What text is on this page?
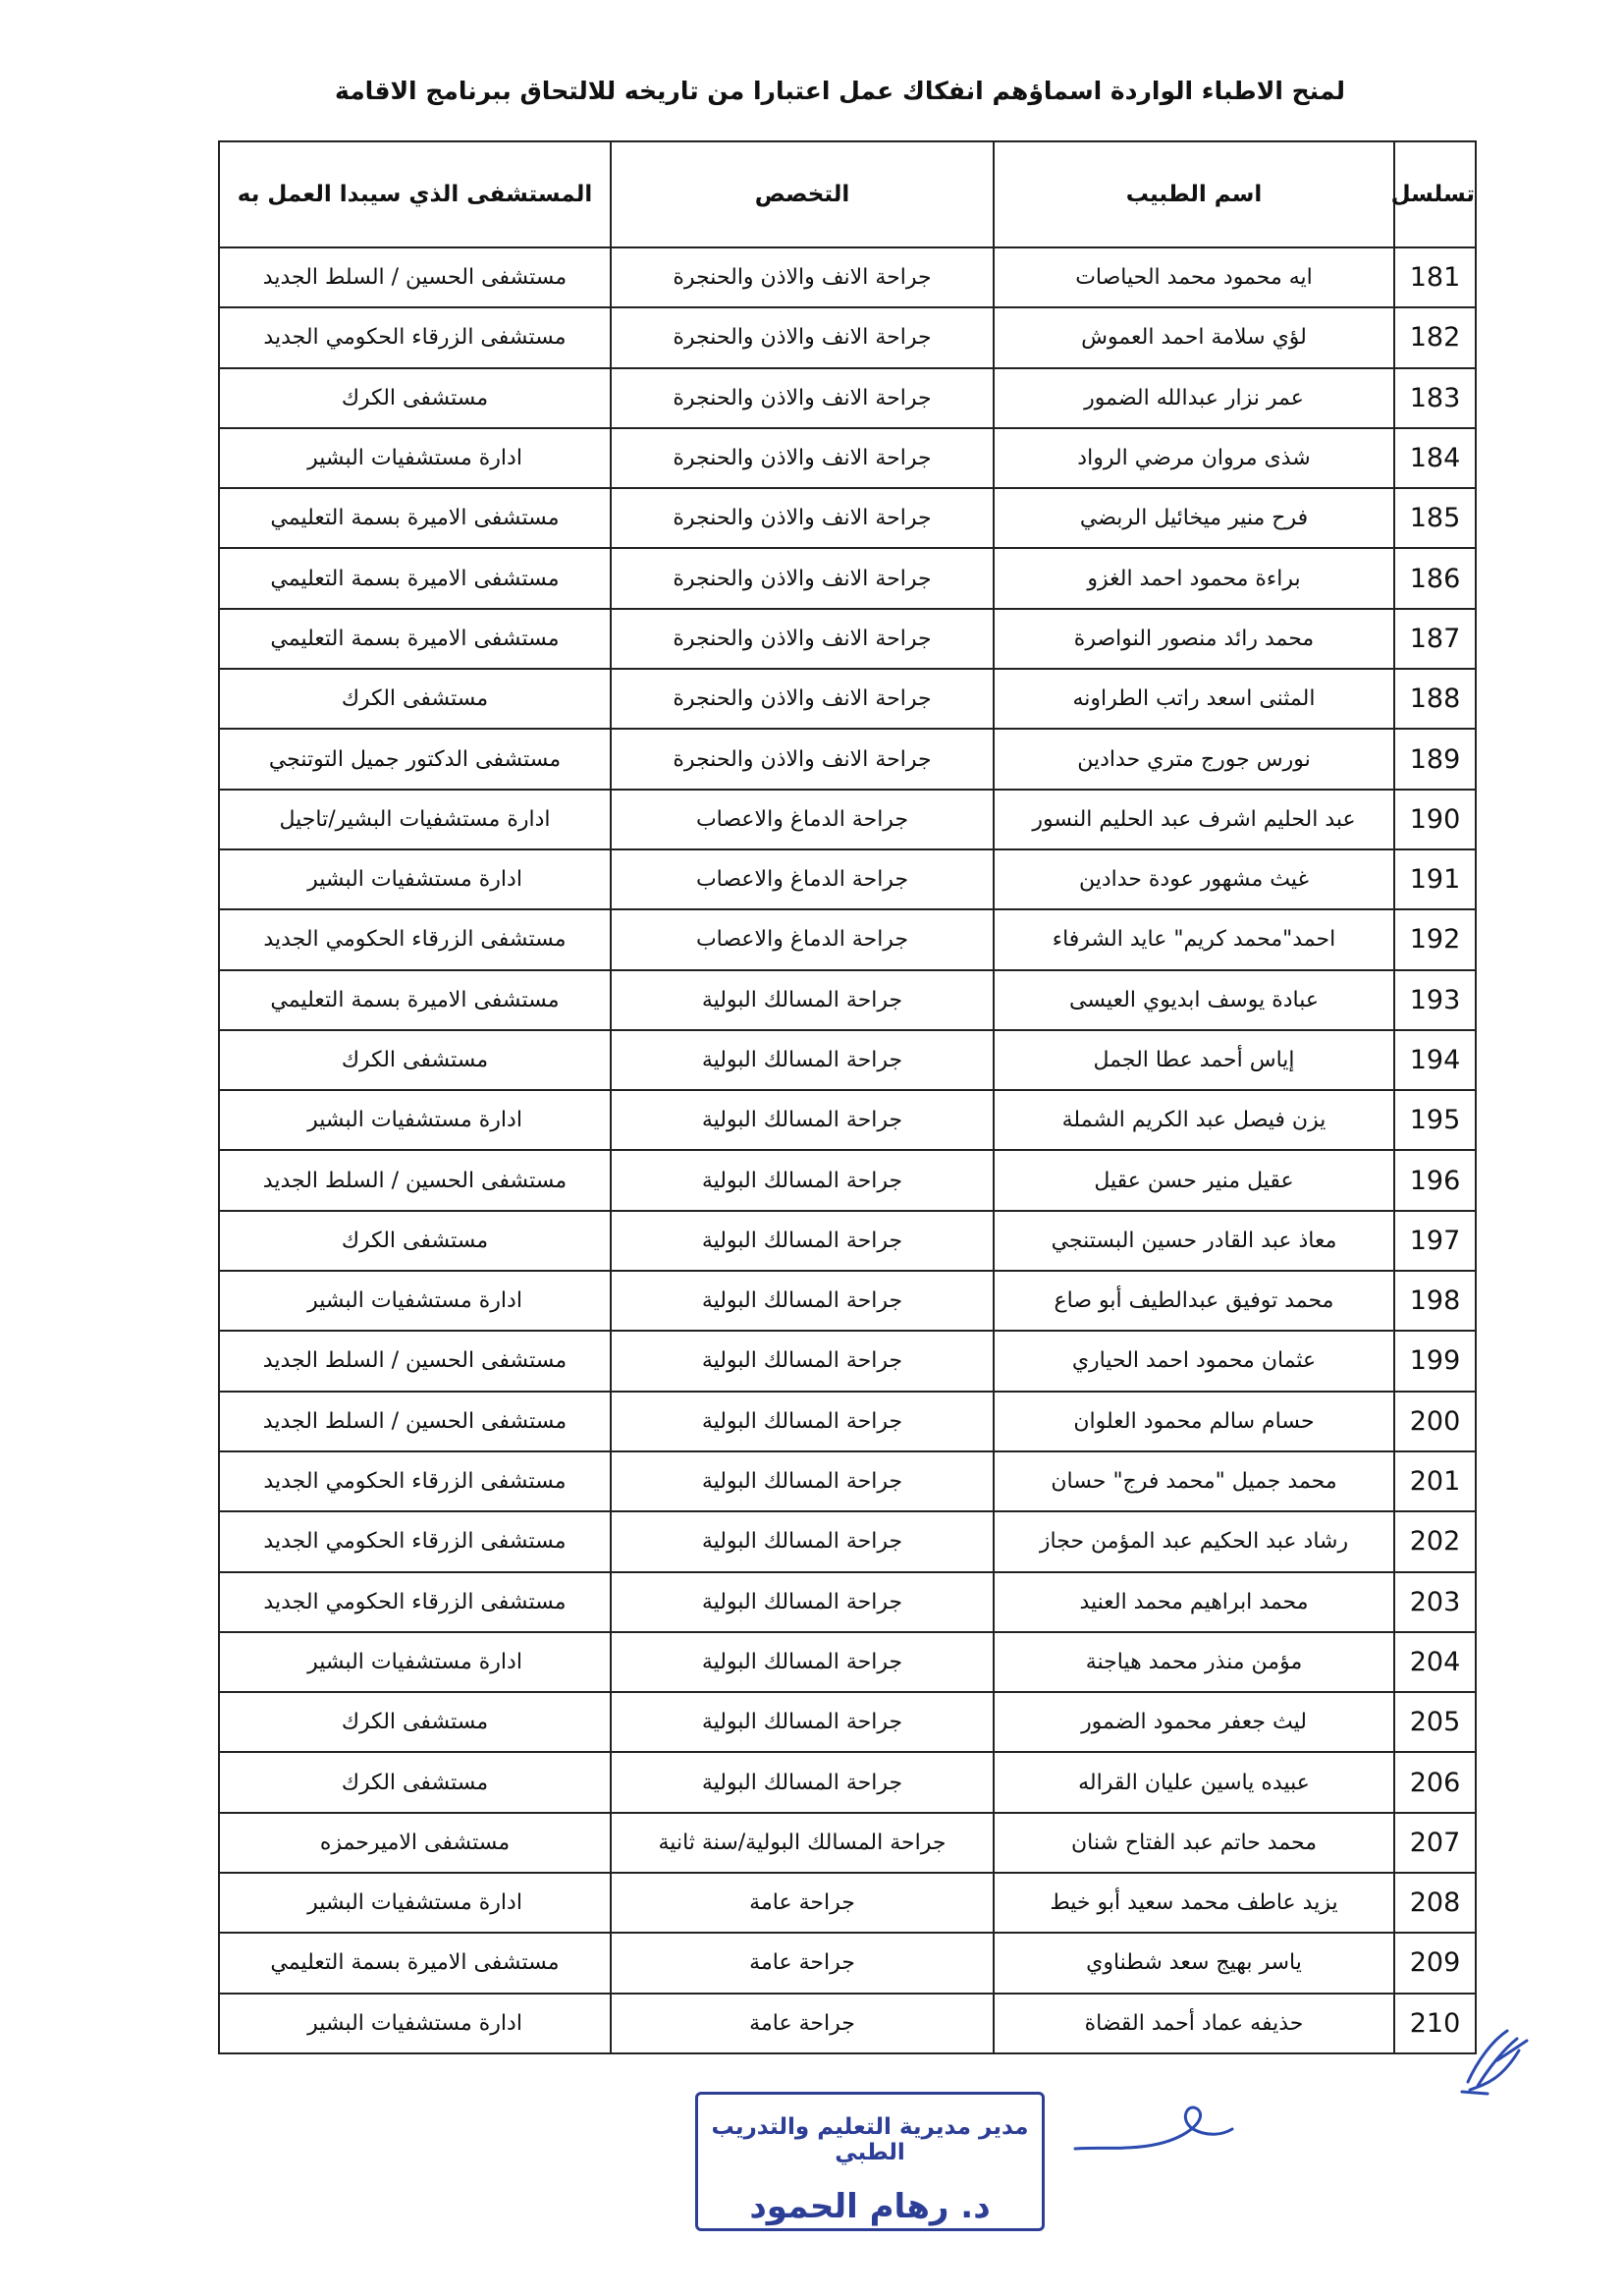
لمنح الاطباء الواردة اسماؤهم انفكاك عمل اعتبارا من تاريخه للالتحاق ببرنامج الاقامة
تسلسل	اسم الطبيب	التخصص	المستشفى الذي سيبدا العمل به
181	ايه محمود محمد الحياصات	جراحة الانف والاذن والحنجرة	مستشفى الحسين / السلط الجديد
182	لؤي سلامة احمد العموش	جراحة الانف والاذن والحنجرة	مستشفى الزرقاء الحكومي الجديد
183	عمر نزار عبدالله الضمور	جراحة الانف والاذن والحنجرة	مستشفى الكرك
184	شذى مروان مرضي الرواد	جراحة الانف والاذن والحنجرة	ادارة مستشفيات البشير
185	فرح منير ميخائيل الربضي	جراحة الانف والاذن والحنجرة	مستشفى الاميرة بسمة التعليمي
186	براءة محمود احمد الغزو	جراحة الانف والاذن والحنجرة	مستشفى الاميرة بسمة التعليمي
187	محمد رائد منصور النواصرة	جراحة الانف والاذن والحنجرة	مستشفى الاميرة بسمة التعليمي
188	المثنى اسعد راتب الطراونه	جراحة الانف والاذن والحنجرة	مستشفى الكرك
189	نورس جورج متري حدادين	جراحة الانف والاذن والحنجرة	مستشفى الدكتور جميل التوتنجي
190	عبد الحليم اشرف عبد الحليم النسور	جراحة الدماغ والاعصاب	ادارة مستشفيات البشير/تاجيل
191	غيث مشهور عودة حدادين	جراحة الدماغ والاعصاب	ادارة مستشفيات البشير
192	احمد"محمد كريم" عايد الشرفاء	جراحة الدماغ والاعصاب	مستشفى الزرقاء الحكومي الجديد
193	عبادة يوسف ابديوي العيسى	جراحة المسالك البولية	مستشفى الاميرة بسمة التعليمي
194	إياس أحمد عطا الجمل	جراحة المسالك البولية	مستشفى الكرك
195	يزن فيصل عبد الكريم الشملة	جراحة المسالك البولية	ادارة مستشفيات البشير
196	عقيل منير حسن عقيل	جراحة المسالك البولية	مستشفى الحسين / السلط الجديد
197	معاذ عبد القادر حسين البستنجي	جراحة المسالك البولية	مستشفى الكرك
198	محمد توفيق عبدالطيف أبو صاع	جراحة المسالك البولية	ادارة مستشفيات البشير
199	عثمان محمود احمد الحياري	جراحة المسالك البولية	مستشفى الحسين / السلط الجديد
200	حسام سالم محمود العلوان	جراحة المسالك البولية	مستشفى الحسين / السلط الجديد
201	محمد جميل "محمد فرج" حسان	جراحة المسالك البولية	مستشفى الزرقاء الحكومي الجديد
202	رشاد عبد الحكيم عبد المؤمن حجاز	جراحة المسالك البولية	مستشفى الزرقاء الحكومي الجديد
203	محمد ابراهيم محمد العنيد	جراحة المسالك البولية	مستشفى الزرقاء الحكومي الجديد
204	مؤمن منذر محمد هياجنة	جراحة المسالك البولية	ادارة مستشفيات البشير
205	ليث جعفر محمود الضمور	جراحة المسالك البولية	مستشفى الكرك
206	عبيده ياسين عليان القراله	جراحة المسالك البولية	مستشفى الكرك
207	محمد حاتم عبد الفتاح شنان	جراحة المسالك البولية/سنة ثانية	مستشفى الاميرحمزه
208	يزيد عاطف محمد سعيد أبو خيط	جراحة عامة	ادارة مستشفيات البشير
209	ياسر بهيج سعد شطناوي	جراحة عامة	مستشفى الاميرة بسمة التعليمي
210	حذيفه عماد أحمد القضاة	جراحة عامة	ادارة مستشفيات البشير
مدير مديرية التعليم والتدريب الطبي
د. رهام الحمود
